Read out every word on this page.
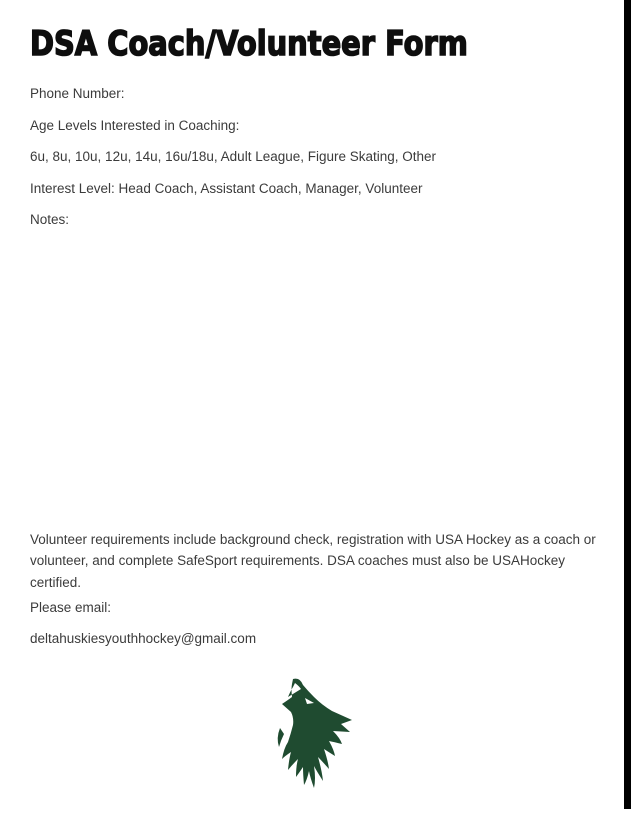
DSA Coach/Volunteer Form
Phone Number:
Age Levels Interested in Coaching:
6u, 8u, 10u, 12u, 14u, 16u/18u, Adult League, Figure Skating, Other
Interest Level: Head Coach, Assistant Coach, Manager, Volunteer
Notes:

Volunteer requirements include background check, registration with USA Hockey as a coach or volunteer, and complete SafeSport requirements. DSA coaches must also be USAHockey certified.

Please email:
deltahuskiesyouthhockey@gmail.com
